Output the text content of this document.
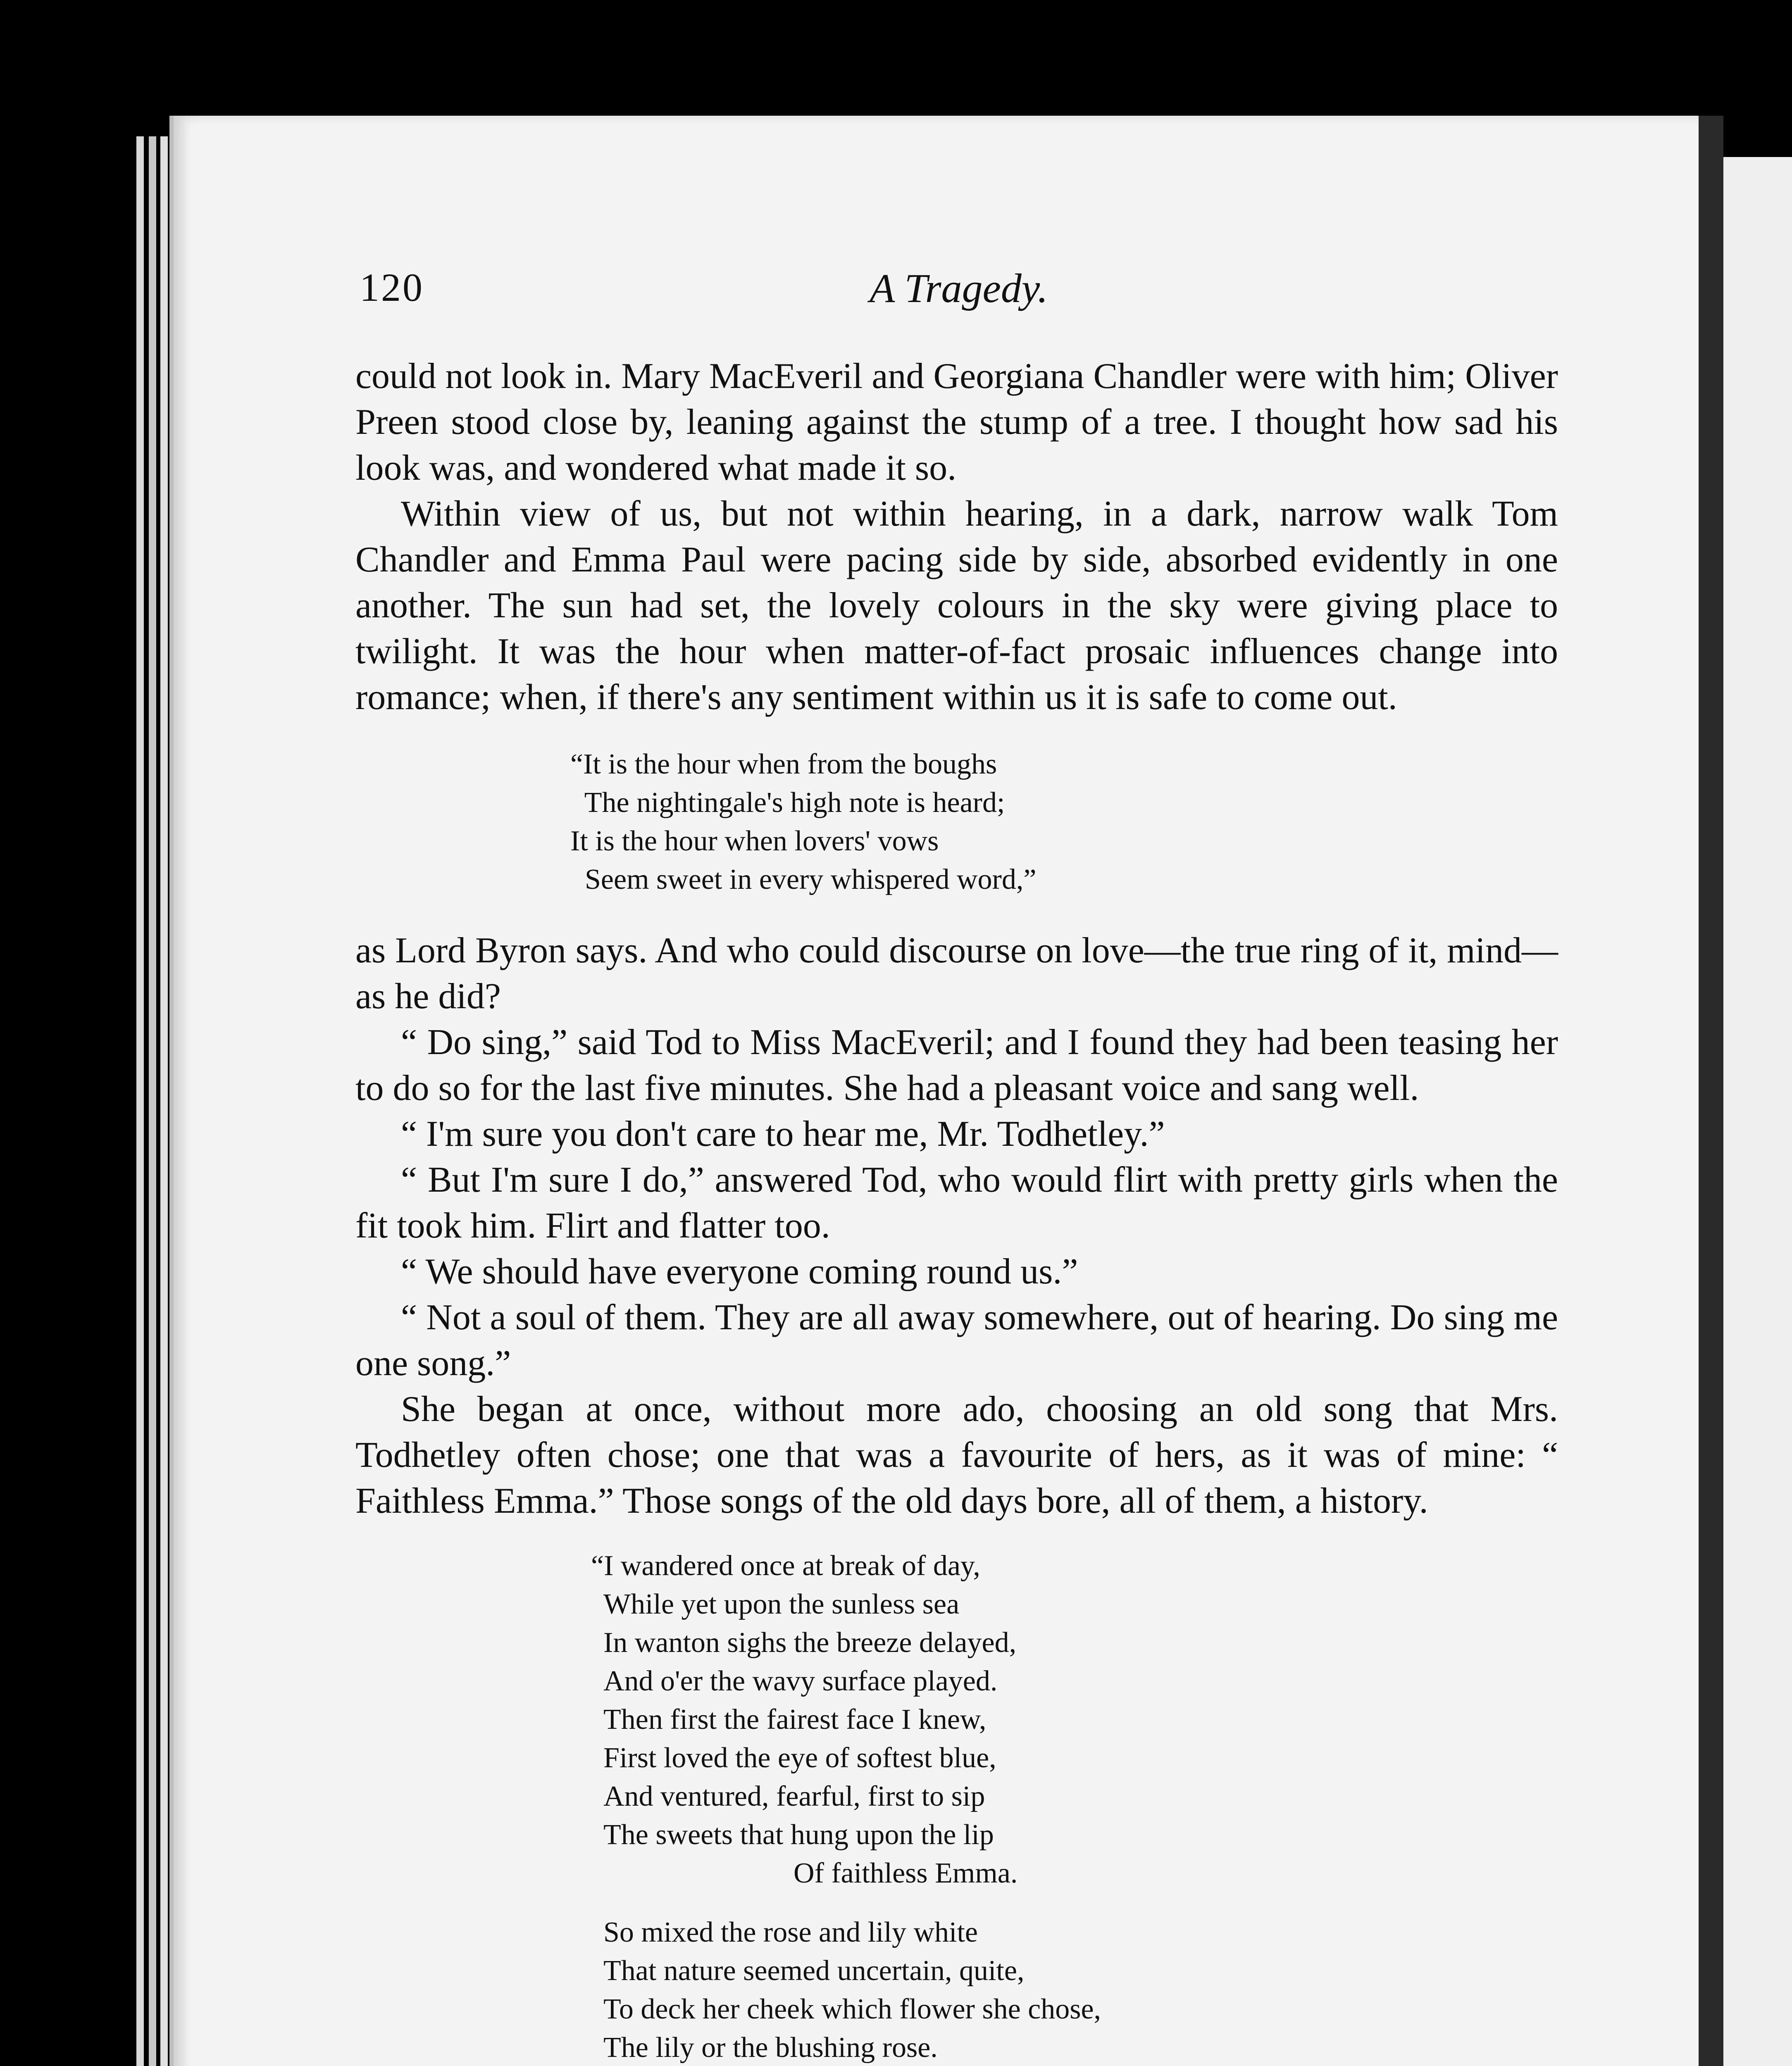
120	A Tragedy.

could not look in. Mary MacEveril and Georgiana Chandler were with him; Oliver Preen stood close by, leaning against the stump of a tree. I thought how sad his look was, and wondered what made it so.

Within view of us, but not within hearing, in a dark, narrow walk Tom Chandler and Emma Paul were pacing side by side, absorbed evidently in one another. The sun had set, the lovely colours in the sky were giving place to twilight. It was the hour when matter-of-fact prosaic influences change into romance; when, if there's any sentiment within us it is safe to come out.

“It is the hour when from the boughs
The nightingale's high note is heard;
It is the hour when lovers' vows
Seem sweet in every whispered word,”

as Lord Byron says. And who could discourse on love—the true ring of it, mind—as he did?

“ Do sing,” said Tod to Miss MacEveril; and I found they had been teasing her to do so for the last five minutes. She had a pleasant voice and sang well.

“ I'm sure you don't care to hear me, Mr. Todhetley.”

“ But I'm sure I do,” answered Tod, who would flirt with pretty girls when the fit took him. Flirt and flatter too.

“ We should have everyone coming round us.”

“ Not a soul of them. They are all away somewhere, out of hearing. Do sing me one song.”

She began at once, without more ado, choosing an old song that Mrs. Todhetley often chose; one that was a favourite of hers, as it was of mine: “ Faithless Emma.” Those songs of the old days bore, all of them, a history.

“I wandered once at break of day,
While yet upon the sunless sea
In wanton sighs the breeze delayed,
And o'er the wavy surface played.
Then first the fairest face I knew,
First loved the eye of softest blue,
And ventured, fearful, first to sip
The sweets that hung upon the lip
Of faithless Emma.
So mixed the rose and lily white
That nature seemed uncertain, quite,
To deck her cheek which flower she chose,
The lily or the blushing rose.
